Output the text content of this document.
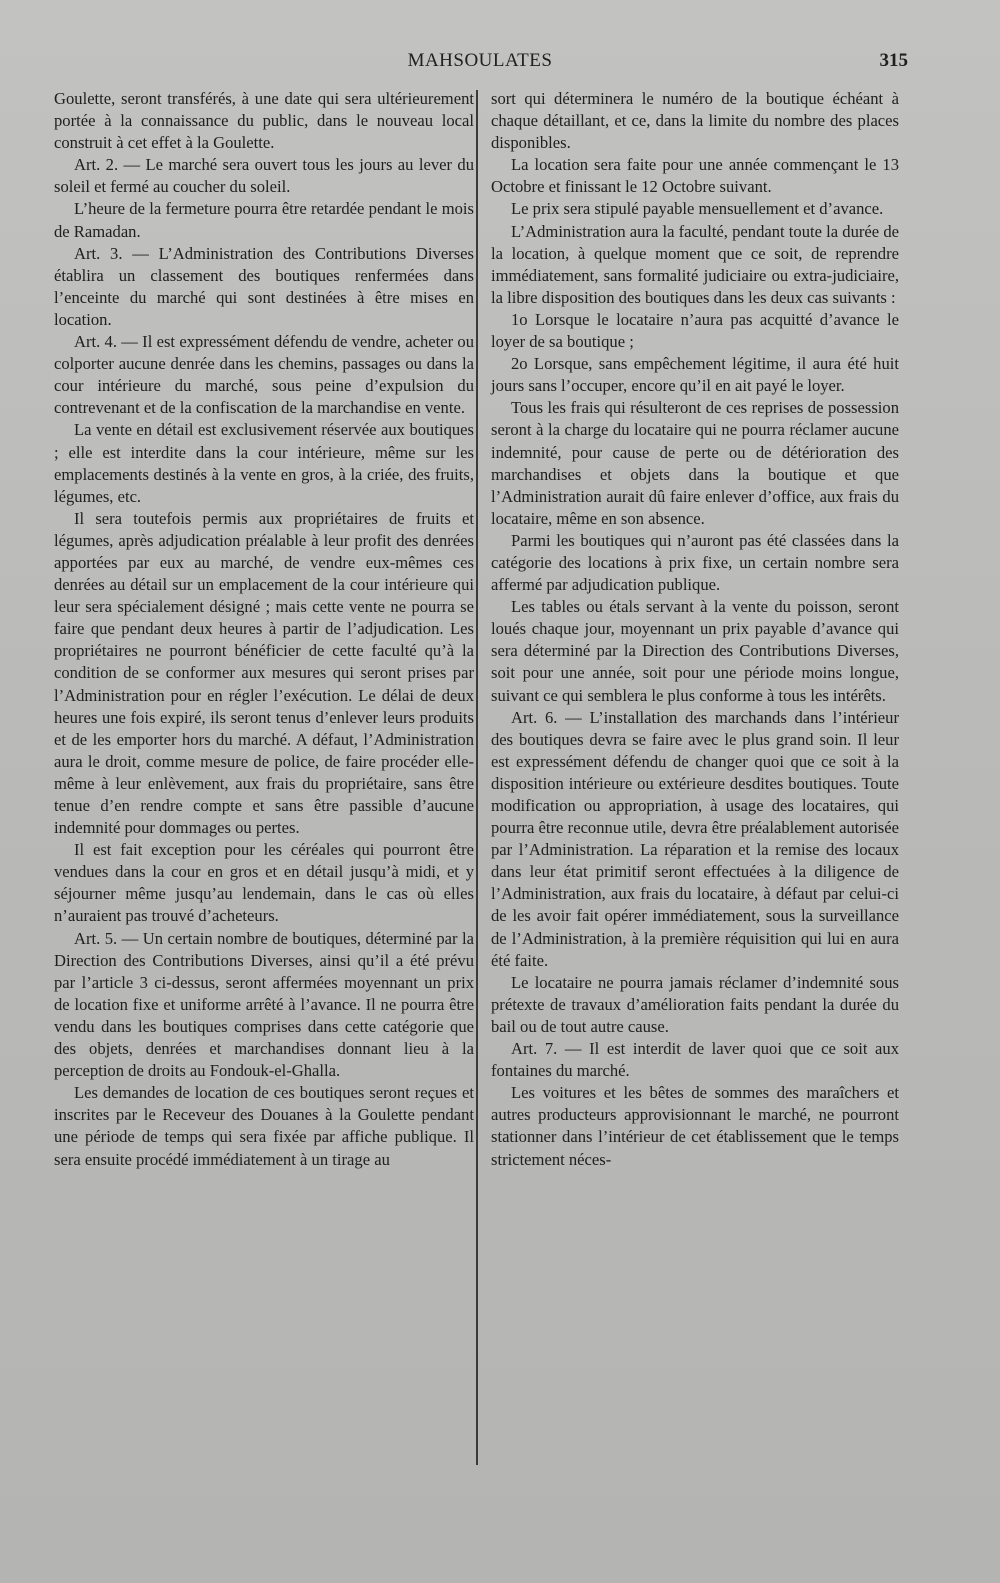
MAHSOULATES	315

Goulette, seront transférés, à une date qui sera ultérieurement portée à la connaissance du public, dans le nouveau local construit à cet effet à la Goulette.

Art. 2. — Le marché sera ouvert tous les jours au lever du soleil et fermé au coucher du soleil.

L’heure de la fermeture pourra être retardée pendant le mois de Ramadan.

Art. 3. — L’Administration des Contributions Diverses établira un classement des boutiques renfermées dans l’enceinte du marché qui sont destinées à être mises en location.

Art. 4. — Il est expressément défendu de vendre, acheter ou colporter aucune denrée dans les chemins, passages ou dans la cour intérieure du marché, sous peine d’expulsion du contrevenant et de la confiscation de la marchandise en vente.

La vente en détail est exclusivement réservée aux boutiques ; elle est interdite dans la cour intérieure, même sur les emplacements destinés à la vente en gros, à la criée, des fruits, légumes, etc.

Il sera toutefois permis aux propriétaires de fruits et légumes, après adjudication préalable à leur profit des denrées apportées par eux au marché, de vendre eux-mêmes ces denrées au détail sur un emplacement de la cour intérieure qui leur sera spécialement désigné ; mais cette vente ne pourra se faire que pendant deux heures à partir de l’adjudication. Les propriétaires ne pourront bénéficier de cette faculté qu’à la condition de se conformer aux mesures qui seront prises par l’Administration pour en régler l’exécution. Le délai de deux heures une fois expiré, ils seront tenus d’enlever leurs produits et de les emporter hors du marché. A défaut, l’Administration aura le droit, comme mesure de police, de faire procéder elle-même à leur enlèvement, aux frais du propriétaire, sans être tenue d’en rendre compte et sans être passible d’aucune indemnité pour dommages ou pertes.

Il est fait exception pour les céréales qui pourront être vendues dans la cour en gros et en détail jusqu’à midi, et y séjourner même jusqu’au lendemain, dans le cas où elles n’auraient pas trouvé d’acheteurs.

Art. 5. — Un certain nombre de boutiques, déterminé par la Direction des Contributions Diverses, ainsi qu’il a été prévu par l’article 3 ci-dessus, seront affermées moyennant un prix de location fixe et uniforme arrêté à l’avance. Il ne pourra être vendu dans les boutiques comprises dans cette catégorie que des objets, denrées et marchandises donnant lieu à la perception de droits au Fondouk-el-Ghalla.

Les demandes de location de ces boutiques seront reçues et inscrites par le Receveur des Douanes à la Goulette pendant une période de temps qui sera fixée par affiche publique. Il sera ensuite procédé immédiatement à un tirage au

sort qui déterminera le numéro de la boutique échéant à chaque détaillant, et ce, dans la limite du nombre des places disponibles.

La location sera faite pour une année commençant le 13 Octobre et finissant le 12 Octobre suivant.

Le prix sera stipulé payable mensuellement et d’avance.

L’Administration aura la faculté, pendant toute la durée de la location, à quelque moment que ce soit, de reprendre immédiatement, sans formalité judiciaire ou extra-judiciaire, la libre disposition des boutiques dans les deux cas suivants :

1o Lorsque le locataire n’aura pas acquitté d’avance le loyer de sa boutique ;

2o Lorsque, sans empêchement légitime, il aura été huit jours sans l’occuper, encore qu’il en ait payé le loyer.

Tous les frais qui résulteront de ces reprises de possession seront à la charge du locataire qui ne pourra réclamer aucune indemnité, pour cause de perte ou de détérioration des marchandises et objets dans la boutique et que l’Administration aurait dû faire enlever d’office, aux frais du locataire, même en son absence.

Parmi les boutiques qui n’auront pas été classées dans la catégorie des locations à prix fixe, un certain nombre sera affermé par adjudication publique.

Les tables ou étals servant à la vente du poisson, seront loués chaque jour, moyennant un prix payable d’avance qui sera déterminé par la Direction des Contributions Diverses, soit pour une année, soit pour une période moins longue, suivant ce qui semblera le plus conforme à tous les intérêts.

Art. 6. — L’installation des marchands dans l’intérieur des boutiques devra se faire avec le plus grand soin. Il leur est expressément défendu de changer quoi que ce soit à la disposition intérieure ou extérieure desdites boutiques. Toute modification ou appropriation, à usage des locataires, qui pourra être reconnue utile, devra être préalablement autorisée par l’Administration. La réparation et la remise des locaux dans leur état primitif seront effectuées à la diligence de l’Administration, aux frais du locataire, à défaut par celui-ci de les avoir fait opérer immédiatement, sous la surveillance de l’Administration, à la première réquisition qui lui en aura été faite.

Le locataire ne pourra jamais réclamer d’indemnité sous prétexte de travaux d’amélioration faits pendant la durée du bail ou de tout autre cause.

Art. 7. — Il est interdit de laver quoi que ce soit aux fontaines du marché.

Les voitures et les bêtes de sommes des maraîchers et autres producteurs approvisionnant le marché, ne pourront stationner dans l’intérieur de cet établissement que le temps strictement néces-
